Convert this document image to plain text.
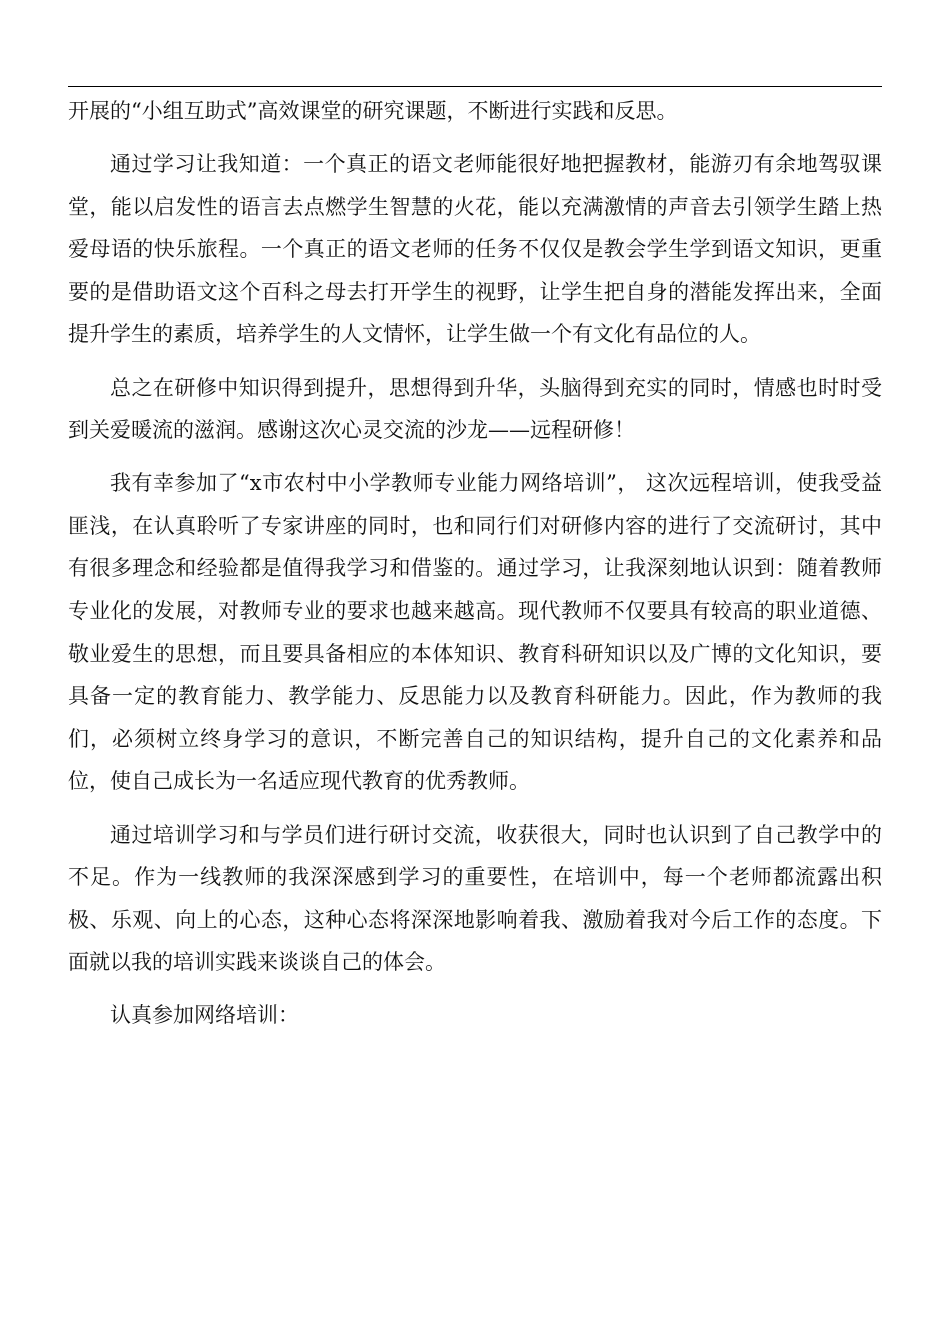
开展的“小组互助式”高效课堂的研究课题，不断进行实践和反思。

通过学习让我知道：一个真正的语文老师能很好地把握教材，能游刃有余地驾驭课堂，能以启发性的语言去点燃学生智慧的火花，能以充满激情的声音去引领学生踏上热爱母语的快乐旅程。一个真正的语文老师的任务不仅仅是教会学生学到语文知识，更重要的是借助语文这个百科之母去打开学生的视野，让学生把自身的潜能发挥出来，全面提升学生的素质，培养学生的人文情怀，让学生做一个有文化有品位的人。

总之在研修中知识得到提升，思想得到升华，头脑得到充实的同时，情感也时时受到关爱暖流的滋润。感谢这次心灵交流的沙龙——远程研修！

我有幸参加了“x市农村中小学教师专业能力网络培训”， 这次远程培训，使我受益匪浅，在认真聆听了专家讲座的同时，也和同行们对研修内容的进行了交流研讨，其中有很多理念和经验都是值得我学习和借鉴的。通过学习，让我深刻地认识到：随着教师专业化的发展，对教师专业的要求也越来越高。现代教师不仅要具有较高的职业道德、敬业爱生的思想，而且要具备相应的本体知识、教育科研知识以及广博的文化知识，要具备一定的教育能力、教学能力、反思能力以及教育科研能力。因此，作为教师的我们，必须树立终身学习的意识，不断完善自己的知识结构，提升自己的文化素养和品位，使自己成长为一名适应现代教育的优秀教师。

通过培训学习和与学员们进行研讨交流，收获很大，同时也认识到了自己教学中的不足。作为一线教师的我深深感到学习的重要性，在培训中，每一个老师都流露出积极、乐观、向上的心态，这种心态将深深地影响着我、激励着我对今后工作的态度。下面就以我的培训实践来谈谈自己的体会。

认真参加网络培训：
